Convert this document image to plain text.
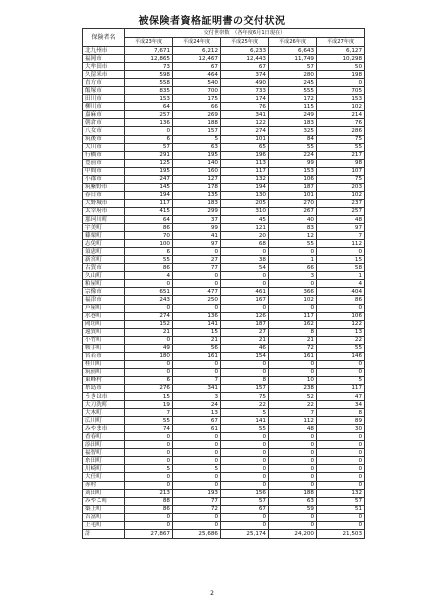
被保険者資格証明書の交付状況
保険者名	交付世帯数　 （各年度6月1日現在）				
	平成23年度	平成24年度	平成25年度	平成26年度	平成27年度
北九州市	7,671	6,212	6,233	6,643	6,127
福岡市	12,865	12,467	12,443	11,749	10,298
大牟田市	73	67	67	57	50
久留米市	598	464	374	280	198
直方市	558	540	490	245	0
飯塚市	835	700	733	555	705
田川市	153	175	174	172	153
柳川市	64	66	76	115	102
嘉麻市	257	269	341	249	214
朝倉市	136	188	122	183	76
八女市	0	157	274	325	286
筑後市	6	5	101	84	75
大川市	57	63	65	55	55
行橋市	291	195	196	224	217
豊前市	125	140	113	99	98
中間市	195	160	117	153	107
小郡市	247	127	132	106	75
筑紫野市	145	178	194	187	203
春日市	194	135	130	101	102
大野城市	117	183	205	270	237
太宰府市	415	299	310	267	257
那珂川町	64	37	45	40	48
宇美町	86	99	121	83	97
篠栗町	70	41	20	12	7
志免町	100	97	68	55	112
須恵町	6	0	0	0	0
新宮町	55	27	38	1	15
古賀市	86	77	54	66	58
久山町	4	0	0	3	1
粕屋町	0	0	0	0	4
宗像市	651	477	461	366	404
福津市	243	250	167	102	86
芦屋町	0	0	0	0	0
水巻町	274	136	126	117	106
岡垣町	152	141	187	162	122
遠賀町	21	15	27	8	13
小竹町	0	21	21	21	22
鞍手町	49	56	46	72	55
宮若市	180	161	154	161	146
桂川町	0	0	0	0	0
筑前町	0	0	0	0	0
東峰村	6	7	8	10	5
糸島市	276	341	157	238	117
うきは市	15	3	75	52	47
大刀洗町	19	24	22	22	34
大木町	7	13	5	7	8
広川町	55	67	141	112	89
みやま市	74	61	55	48	30
香春町	0	0	0	0	0
添田町	0	0	0	0	0
福智町	0	0	0	0	0
糸田町	0	0	0	0	0
川崎町	5	5	0	0	0
大任町	0	0	0	0	0
赤村	0	0	0	0	0
苅田町	213	193	156	188	132
みやこ町	88	77	57	63	57
築上町	86	72	67	59	51
吉富町	0	0	0	0	0
上毛町	0	0	0	0	0
計	27,867	25,686	25,174	24,200	21,503
2
